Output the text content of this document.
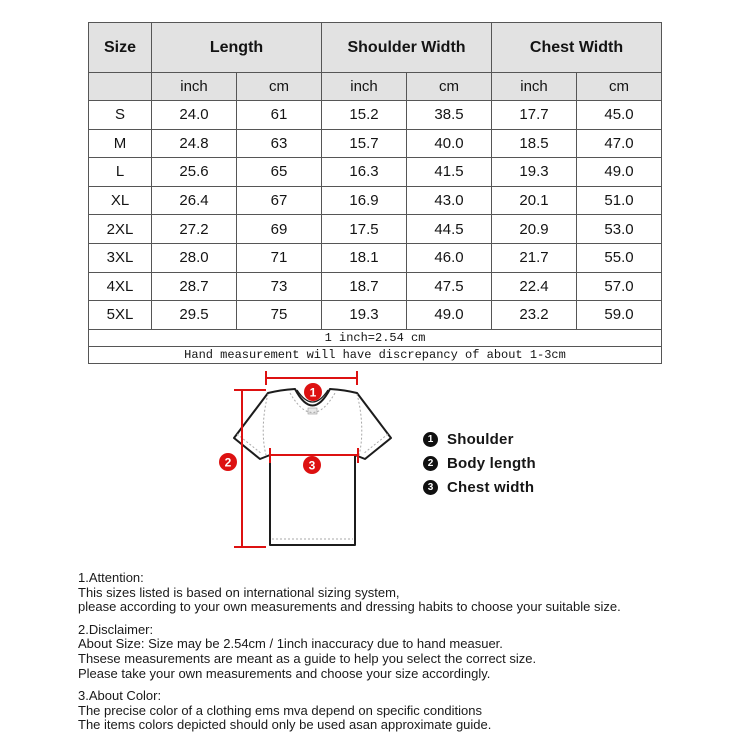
Size	Length		Shoulder Width		Chest Width	
	inch	cm	inch	cm	inch	cm
S	24.0	61	15.2	38.5	17.7	45.0
M	24.8	63	15.7	40.0	18.5	47.0
L	25.6	65	16.3	41.5	19.3	49.0
XL	26.4	67	16.9	43.0	20.1	51.0
2XL	27.2	69	17.5	44.5	20.9	53.0
3XL	28.0	71	18.1	46.0	21.7	55.0
4XL	28.7	73	18.7	47.5	22.4	57.0
5XL	29.5	75	19.3	49.0	23.2	59.0
1 inch=2.54 cm						
Hand measurement will have discrepancy of about 1-3cm						
1
2	3
1 Shoulder
2 Body length
3 Chest width

1.Attention:

This sizes listed is based on international sizing system,

please according to your own measurements and dressing habits to choose your suitable size.

2.Disclaimer:

About Size: Size may be 2.54cm / 1inch inaccuracy due to hand measuer.

Thsese measurements are meant as a guide to help you select the correct size.

Please take your own measurements and choose your size accordingly.

3.About Color:

The precise color of a clothing ems mva depend on specific conditions

The items colors depicted should only be used asan approximate guide.
